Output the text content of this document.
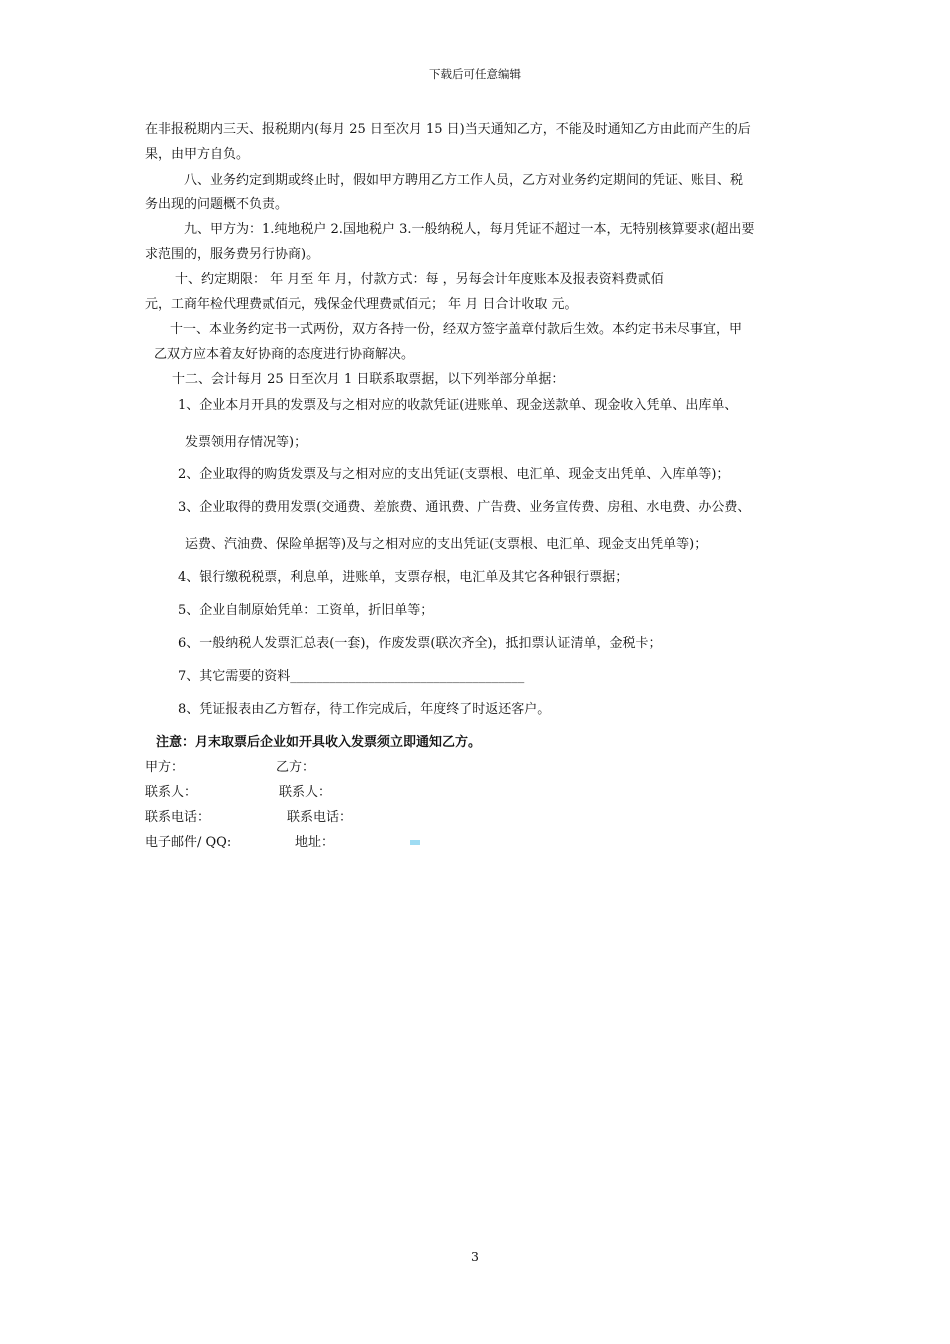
下载后可任意编辑
在非报税期内三天、报税期内(每月 25 日至次月 15 日)当天通知乙方，不能及时通知乙方由此而产生的后
果，由甲方自负。
八、业务约定到期或终止时，假如甲方聘用乙方工作人员，乙方对业务约定期间的凭证、账目、税
务出现的问题概不负责。
九、甲方为：1.纯地税户 2.国地税户 3.一般纳税人，每月凭证不超过一本，无特别核算要求(超出要
求范围的，服务费另行协商)。
十、约定期限： 年 月至 年 月，付款方式：每 ，另每会计年度账本及报表资料费贰佰
元，工商年检代理费贰佰元，残保金代理费贰佰元； 年 月 日合计收取 元。
十一、本业务约定书一式两份，双方各持一份，经双方签字盖章付款后生效。本约定书未尽事宜，甲
乙双方应本着友好协商的态度进行协商解决。
十二、会计每月 25 日至次月 1 日联系取票据，以下列举部分单据：
1、企业本月开具的发票及与之相对应的收款凭证(进账单、现金送款单、现金收入凭单、出库单、
发票领用存情况等)；
2、企业取得的购货发票及与之相对应的支出凭证(支票根、电汇单、现金支出凭单、入库单等)；
3、企业取得的费用发票(交通费、差旅费、通讯费、广告费、业务宣传费、房租、水电费、办公费、
运费、汽油费、保险单据等)及与之相对应的支出凭证(支票根、电汇单、现金支出凭单等)；
4、银行缴税税票，利息单，进账单，支票存根，电汇单及其它各种银行票据；
5、企业自制原始凭单：工资单，折旧单等；
6、一般纳税人发票汇总表(一套)，作废发票(联次齐全)，抵扣票认证清单，金税卡；
7、其它需要的资料____________________________________
8、凭证报表由乙方暂存，待工作完成后，年度终了时返还客户。
注意：月末取票后企业如开具收入发票须立即通知乙方。
甲方：	乙方：
联系人：	联系人：
联系电话：	联系电话：
电子邮件/ QQ:	地址：
3
